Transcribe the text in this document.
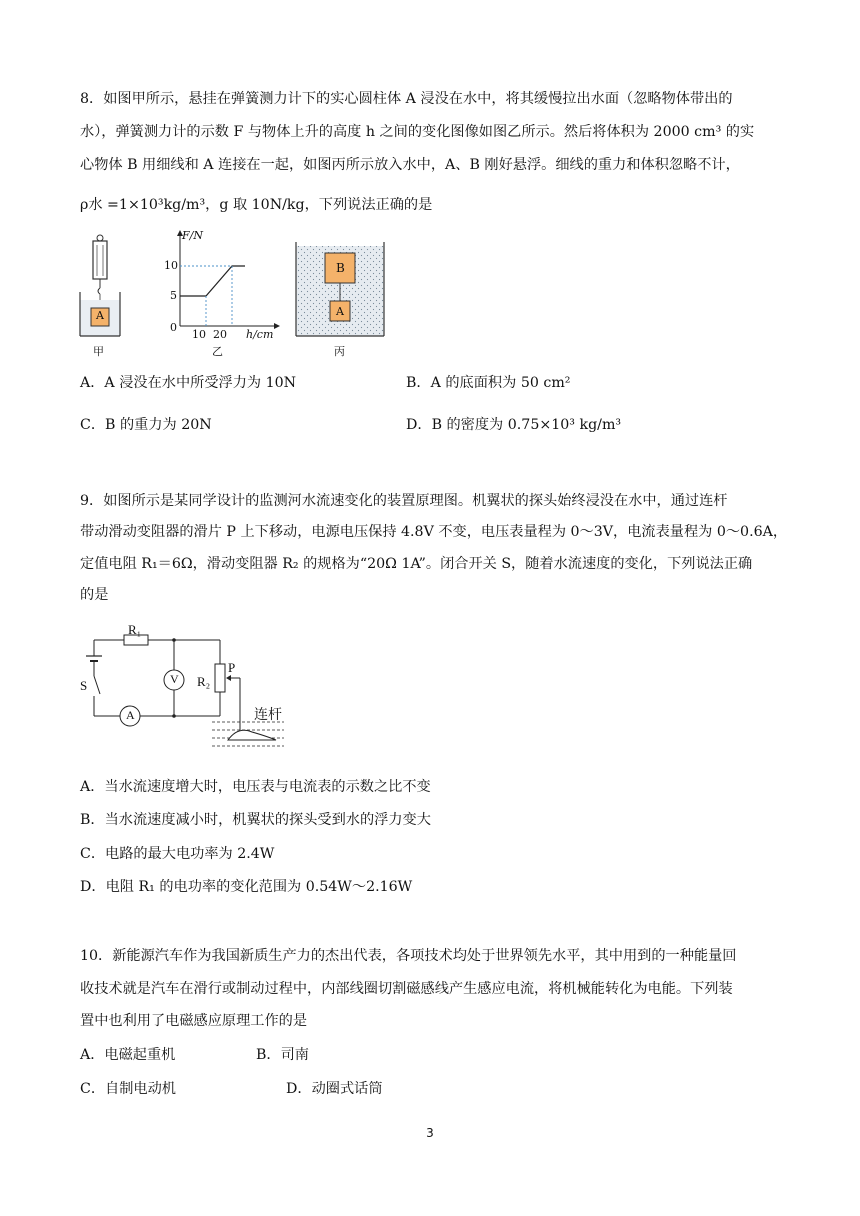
8．如图甲所示，悬挂在弹簧测力计下的实心圆柱体 A 浸没在水中，将其缓慢拉出水面（忽略物体带出的
水），弹簧测力计的示数 F 与物体上升的高度 h 之间的变化图像如图乙所示。然后将体积为 2000 cm³ 的实
心物体 B 用细线和 A 连接在一起，如图丙所示放入水中，A、B 刚好悬浮。细线的重力和体积忽略不计，
ρ水 =1×10³kg/m³，g 取 10N/kg，下列说法正确的是
A
甲
F/N
h/cm
10
5
0
10 20
乙
B
A
丙
A．A 浸没在水中所受浮力为 10N	B．A 的底面积为 50 cm²
C．B 的重力为 20N	D．B 的密度为 0.75×10³ kg/m³
9．如图所示是某同学设计的监测河水流速变化的装置原理图。机翼状的探头始终浸没在水中，通过连杆
带动滑动变阻器的滑片 P 上下移动，电源电压保持 4.8V 不变，电压表量程为 0～3V，电流表量程为 0～0.6A，
定值电阻 R₁＝6Ω，滑动变阻器 R₂ 的规格为“20Ω 1A”。闭合开关 S，随着水流速度的变化，下列说法正确
的是
R₁
R₂
P
S	V
A	连杆
A．当水流速度增大时，电压表与电流表的示数之比不变
B．当水流速度减小时，机翼状的探头受到水的浮力变大
C．电路的最大电功率为 2.4W
D．电阻 R₁ 的电功率的变化范围为 0.54W～2.16W
10．新能源汽车作为我国新质生产力的杰出代表，各项技术均处于世界领先水平，其中用到的一种能量回
收技术就是汽车在滑行或制动过程中，内部线圈切割磁感线产生感应电流，将机械能转化为电能。下列装
置中也利用了电磁感应原理工作的是
A．电磁起重机	B．司南
C．自制电动机	D．动圈式话筒
3
